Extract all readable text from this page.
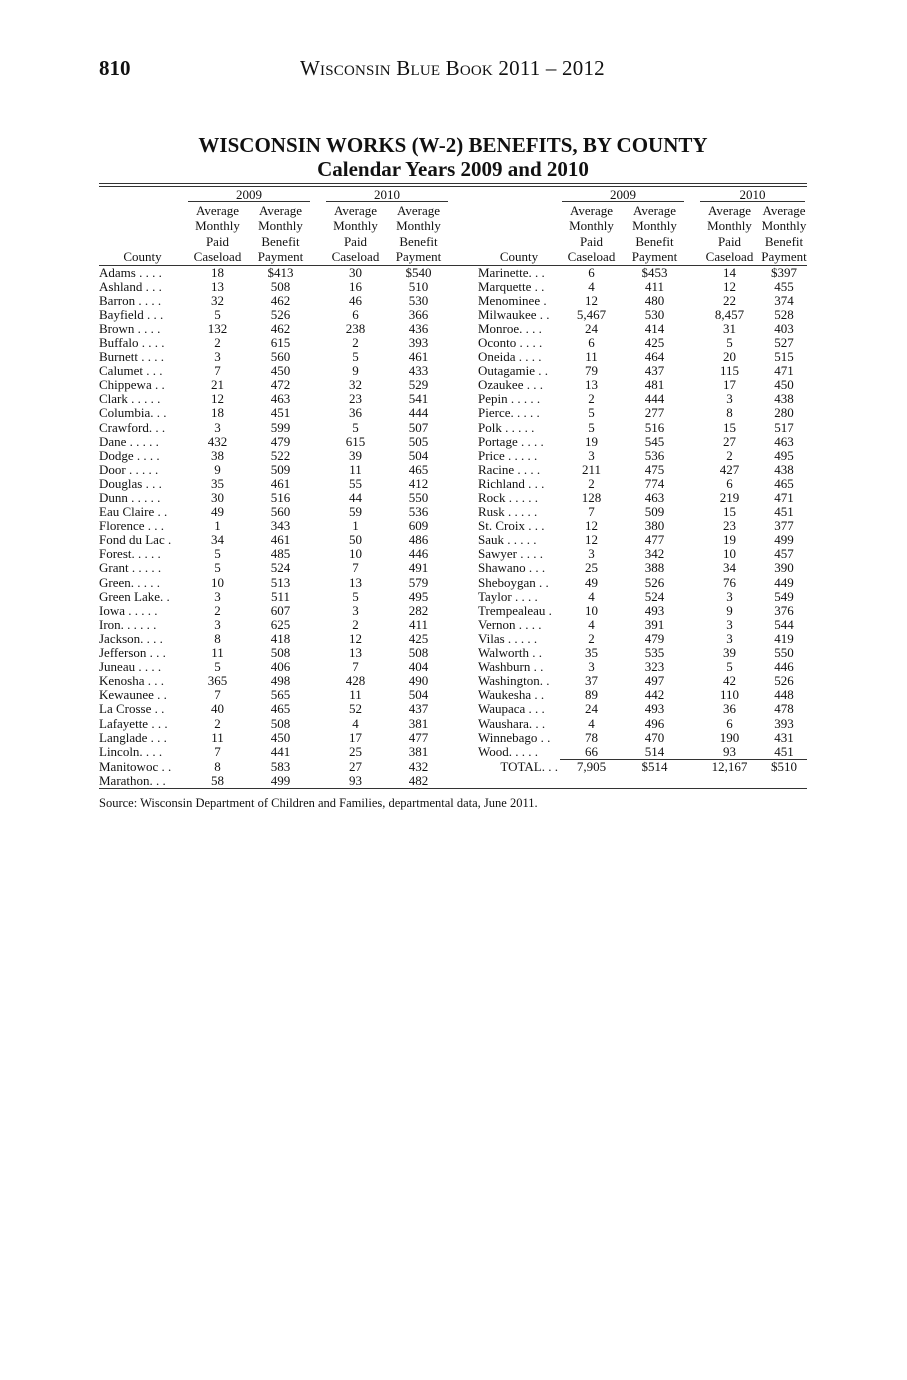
810	Wisconsin Blue Book 2011 – 2012
WISCONSIN WORKS (W-2) BENEFITS, BY COUNTY
Calendar Years 2009 and 2010

	2009			2010				2009			2010	

	Average	Average		Average	Average			Average	Average		Average	Average
	Monthly	Monthly		Monthly	Monthly			Monthly	Monthly		Monthly	Monthly
	Paid	Benefit		Paid	Benefit			Paid	Benefit		Paid	Benefit
County	Caseload	Payment		Caseload	Payment		County	Caseload	Payment		Caseload	Payment
Adams . . . .	18	$413		30	$540		Marinette. . .	6	$453		14	$397
Ashland . . .	13	508		16	510		Marquette . .	4	411		12	455
Barron . . . .	32	462		46	530		Menominee .	12	480		22	374
Bayfield . . .	5	526		6	366		Milwaukee . .	5,467	530		8,457	528
Brown . . . .	132	462		238	436		Monroe. . . .	24	414		31	403
Buffalo . . . .	2	615		2	393		Oconto . . . .	6	425		5	527
Burnett . . . .	3	560		5	461		Oneida . . . .	11	464		20	515
Calumet . . .	7	450		9	433		Outagamie . .	79	437		115	471
Chippewa . .	21	472		32	529		Ozaukee . . .	13	481		17	450
Clark . . . . .	12	463		23	541		Pepin . . . . .	2	444		3	438
Columbia. . .	18	451		36	444		Pierce. . . . .	5	277		8	280
Crawford. . .	3	599		5	507		Polk . . . . .	5	516		15	517
Dane . . . . .	432	479		615	505		Portage . . . .	19	545		27	463
Dodge . . . .	38	522		39	504		Price . . . . .	3	536		2	495
Door . . . . .	9	509		11	465		Racine . . . .	211	475		427	438
Douglas . . .	35	461		55	412		Richland . . .	2	774		6	465
Dunn . . . . .	30	516		44	550		Rock . . . . .	128	463		219	471
Eau Claire . .	49	560		59	536		Rusk . . . . .	7	509		15	451
Florence . . .	1	343		1	609		St. Croix . . .	12	380		23	377
Fond du Lac .	34	461		50	486		Sauk . . . . .	12	477		19	499
Forest. . . . .	5	485		10	446		Sawyer . . . .	3	342		10	457
Grant . . . . .	5	524		7	491		Shawano . . .	25	388		34	390
Green. . . . .	10	513		13	579		Sheboygan . .	49	526		76	449
Green Lake. .	3	511		5	495		Taylor . . . .	4	524		3	549
Iowa . . . . .	2	607		3	282		Trempealeau .	10	493		9	376
Iron. . . . . .	3	625		2	411		Vernon . . . .	4	391		3	544
Jackson. . . .	8	418		12	425		Vilas . . . . .	2	479		3	419
Jefferson . . .	11	508		13	508		Walworth . .	35	535		39	550
Juneau . . . .	5	406		7	404		Washburn . .	3	323		5	446
Kenosha . . .	365	498		428	490		Washington. .	37	497		42	526
Kewaunee . .	7	565		11	504		Waukesha . .	89	442		110	448
La Crosse . .	40	465		52	437		Waupaca . . .	24	493		36	478
Lafayette . . .	2	508		4	381		Waushara. . .	4	496		6	393
Langlade . . .	11	450		17	477		Winnebago . .	78	470		190	431
Lincoln. . . .	7	441		25	381		Wood. . . . .	66	514		93	451
Manitowoc . .	8	583		27	432		TOTAL. . .	7,905	$514		12,167	$510
Marathon. . .	58	499		93	482							
Source: Wisconsin Department of Children and Families, departmental data, June 2011.
